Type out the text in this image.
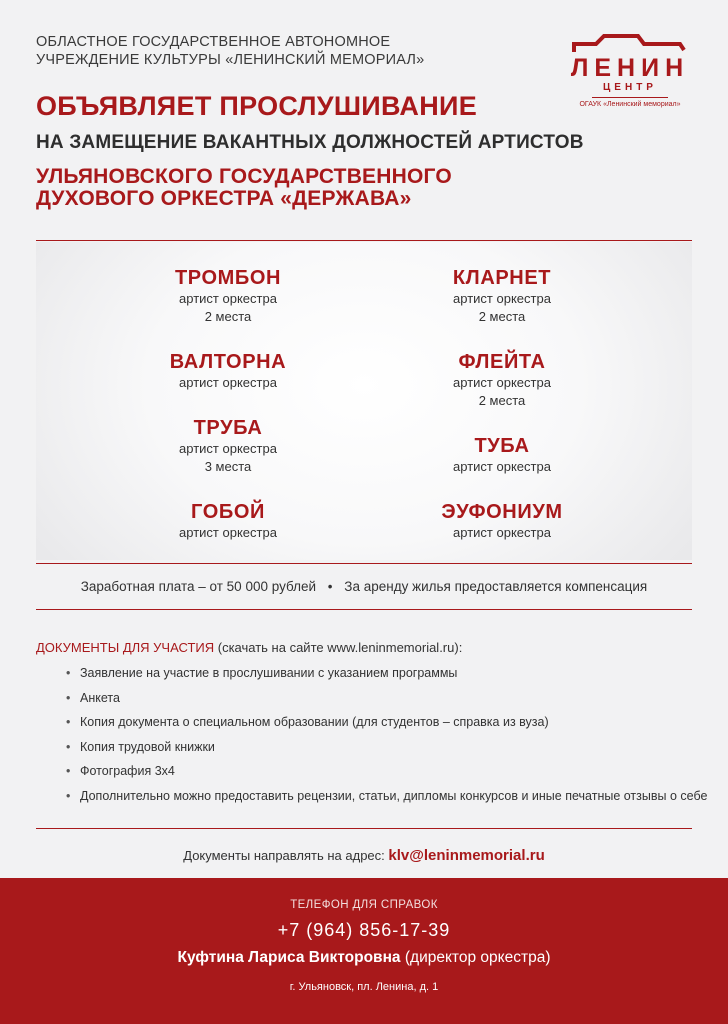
ОБЛАСТНОЕ ГОСУДАРСТВЕННОЕ АВТОНОМНОЕ
УЧРЕЖДЕНИЕ КУЛЬТУРЫ «ЛЕНИНСКИЙ МЕМОРИАЛ»	ЛЕНИН
ЦЕНТР
ОГАУК «Ленинский мемориал»
ОБЪЯВЛЯЕТ ПРОСЛУШИВАНИЕ
НА ЗАМЕЩЕНИЕ ВАКАНТНЫХ ДОЛЖНОСТЕЙ АРТИСТОВ
УЛЬЯНОВСКОГО ГОСУДАРСТВЕННОГО
ДУХОВОГО ОРКЕСТРА «ДЕРЖАВА»
ТРОМБОН
артист оркестра
2 места
КЛАРНЕТ
артист оркестра
2 места
ВАЛТОРНА
артист оркестра
ФЛЕЙТА
артист оркестра
2 места
ТРУБА
артист оркестра
3 места
ТУБА
артист оркестра
ГОБОЙ
артист оркестра
ЭУФОНИУМ
артист оркестра
Заработная плата – от 50 000 рублей • За аренду жилья предоставляется компенсация
ДОКУМЕНТЫ ДЛЯ УЧАСТИЯ (скачать на сайте www.leninmemorial.ru):
• Заявление на участие в прослушивании с указанием программы
• Анкета
• Копия документа о специальном образовании (для студентов – справка из вуза)
• Копия трудовой книжки
• Фотография 3х4
• Дополнительно можно предоставить рецензии, статьи, дипломы конкурсов и иные печатные отзывы о себе
Документы направлять на адрес: klv@leninmemorial.ru
ТЕЛЕФОН ДЛЯ СПРАВОК
+7 (964) 856-17-39
Куфтина Лариса Викторовна (директор оркестра)
г. Ульяновск, пл. Ленина, д. 1
